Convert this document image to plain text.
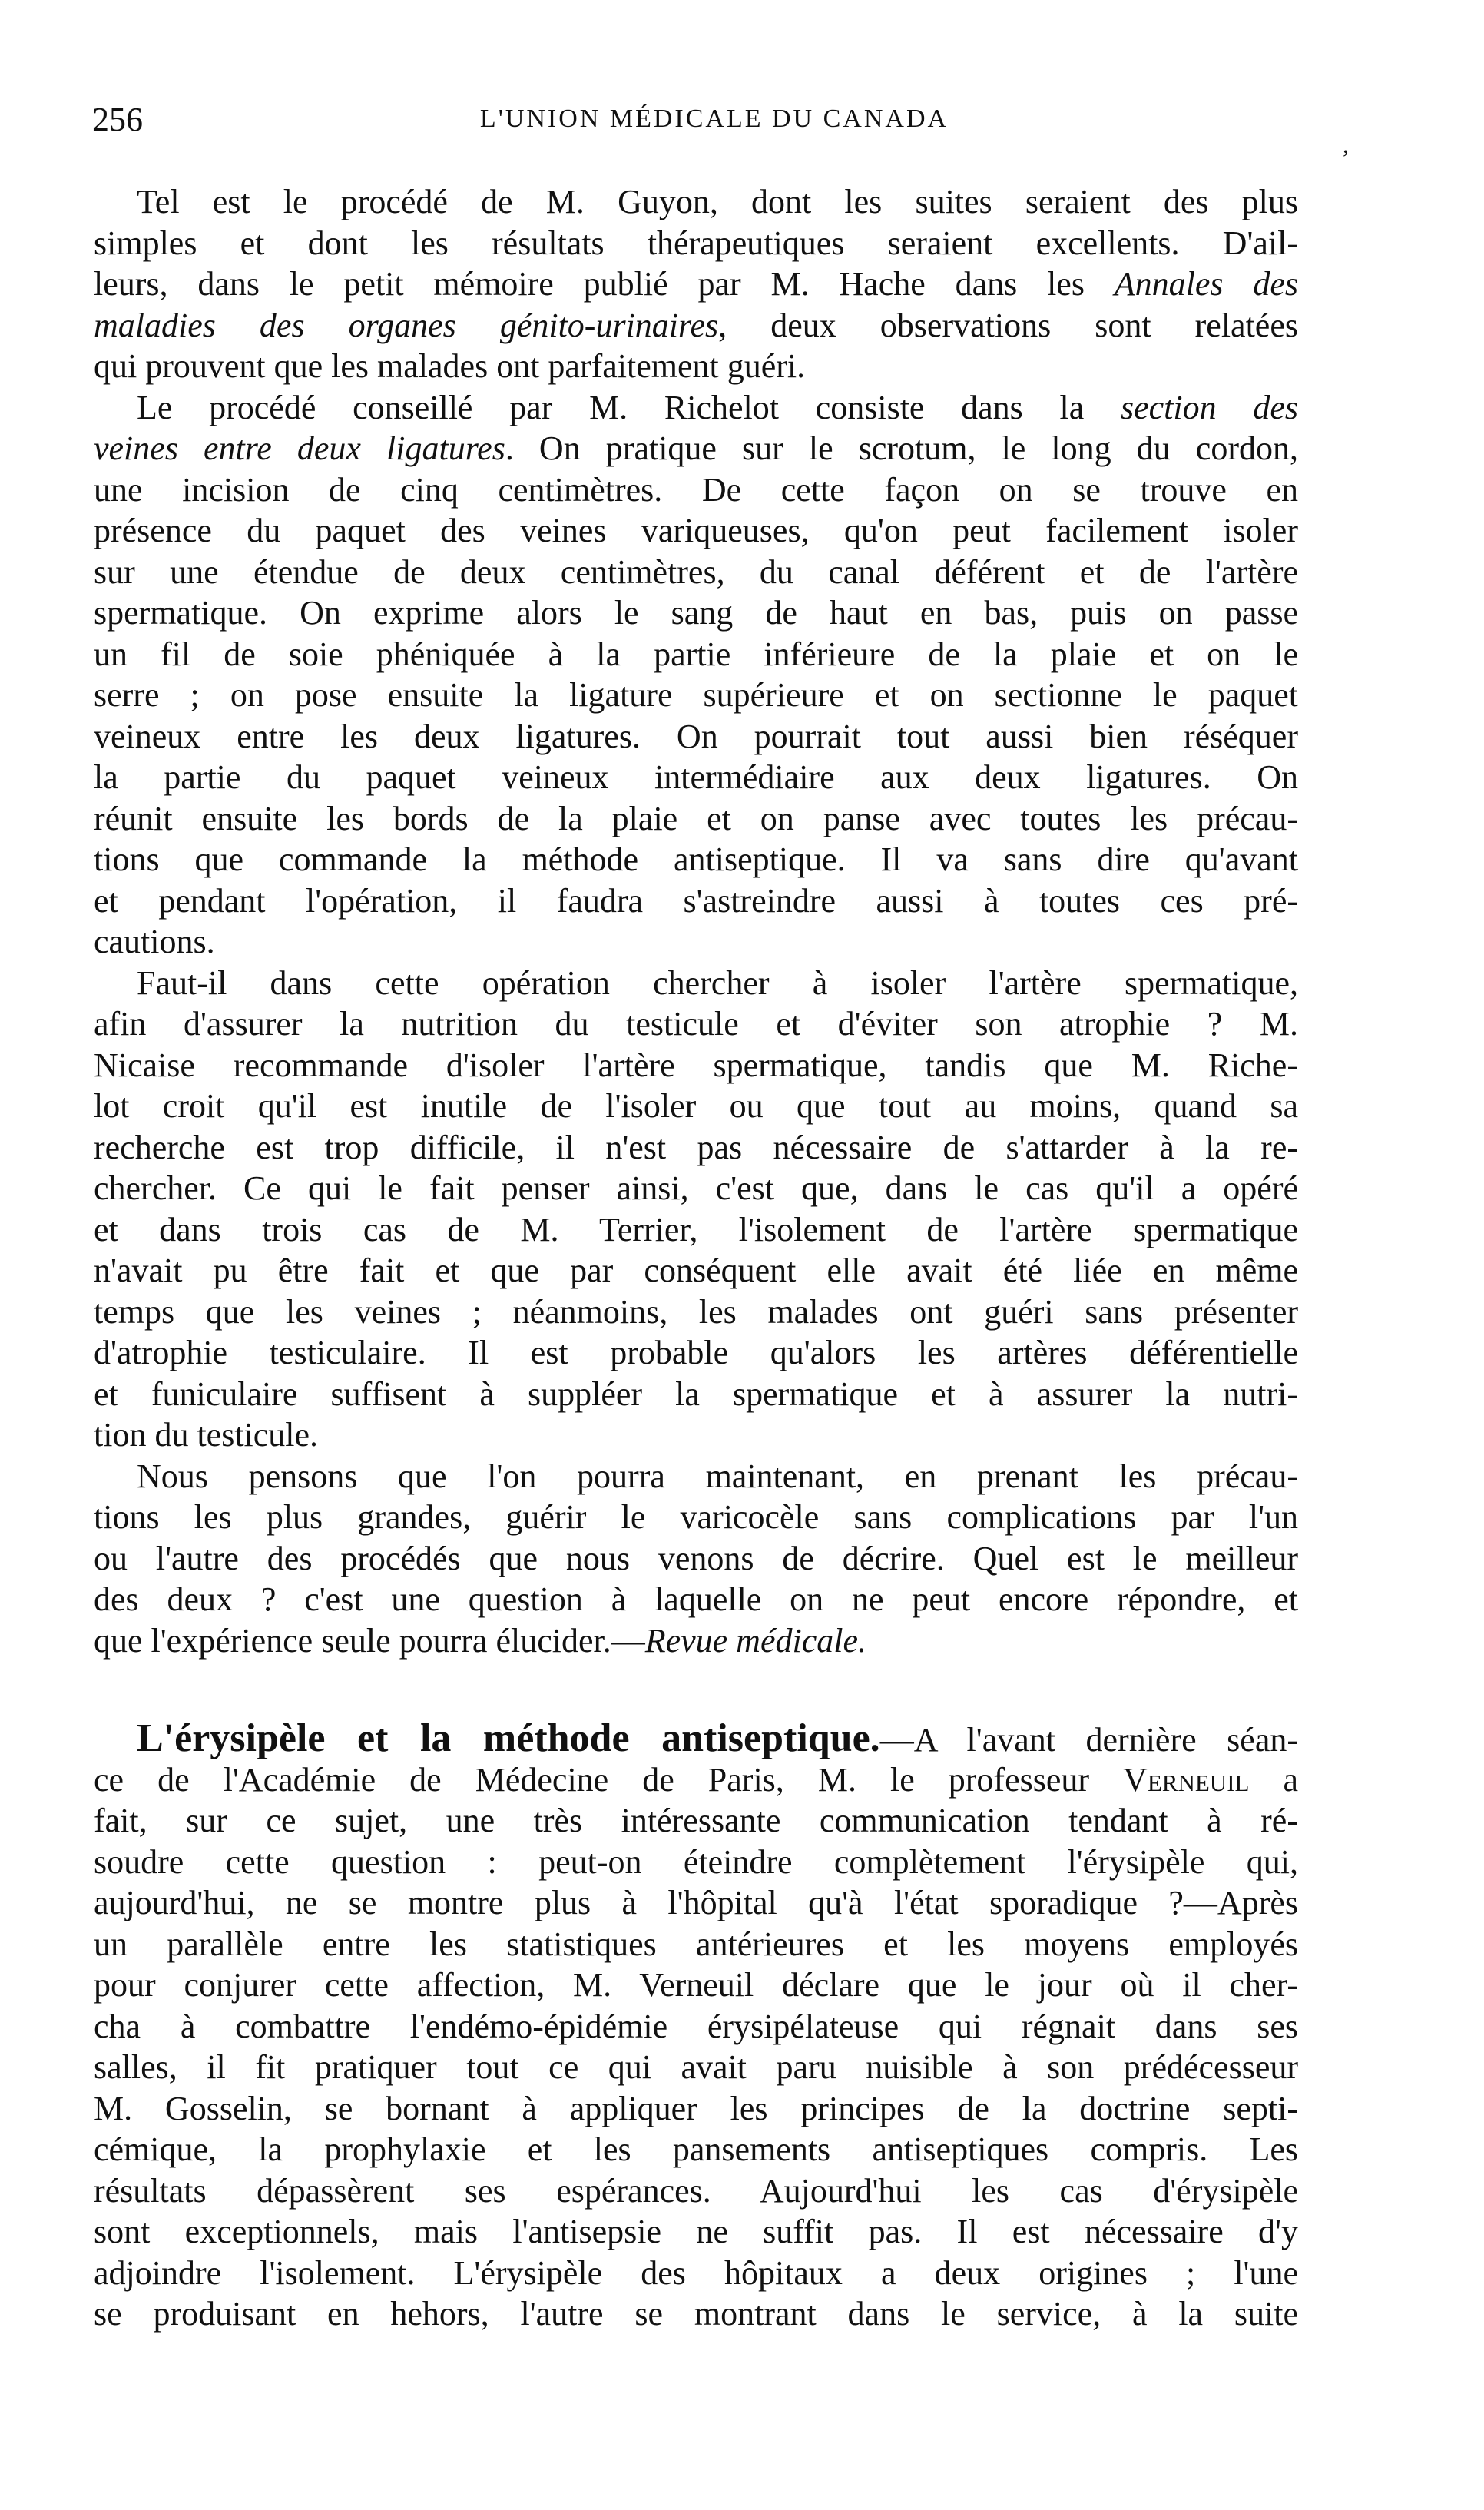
256	L'UNION MÉDICALE DU CANADA
,
Tel est le procédé de M. Guyon, dont les suites seraient des plus
simples et dont les résultats thérapeutiques seraient excellents. D'ail-
leurs, dans le petit mémoire publié par M. Hache dans les Annales des
maladies des organes génito-urinaires, deux observations sont relatées
qui prouvent que les malades ont parfaitement guéri.
Le procédé conseillé par M. Richelot consiste dans la section des
veines entre deux ligatures. On pratique sur le scrotum, le long du cordon,
une incision de cinq centimètres. De cette façon on se trouve en
présence du paquet des veines variqueuses, qu'on peut facilement isoler
sur une étendue de deux centimètres, du canal déférent et de l'artère
spermatique. On exprime alors le sang de haut en bas, puis on passe
un fil de soie phéniquée à la partie inférieure de la plaie et on le
serre ; on pose ensuite la ligature supérieure et on sectionne le paquet
veineux entre les deux ligatures. On pourrait tout aussi bien réséquer
la partie du paquet veineux intermédiaire aux deux ligatures. On
réunit ensuite les bords de la plaie et on panse avec toutes les précau-
tions que commande la méthode antiseptique. Il va sans dire qu'avant
et pendant l'opération, il faudra s'astreindre aussi à toutes ces pré-
cautions.
Faut-il dans cette opération chercher à isoler l'artère spermatique,
afin d'assurer la nutrition du testicule et d'éviter son atrophie ? M.
Nicaise recommande d'isoler l'artère spermatique, tandis que M. Riche-
lot croit qu'il est inutile de l'isoler ou que tout au moins, quand sa
recherche est trop difficile, il n'est pas nécessaire de s'attarder à la re-
chercher. Ce qui le fait penser ainsi, c'est que, dans le cas qu'il a opéré
et dans trois cas de M. Terrier, l'isolement de l'artère spermatique
n'avait pu être fait et que par conséquent elle avait été liée en même
temps que les veines ; néanmoins, les malades ont guéri sans présenter
d'atrophie testiculaire. Il est probable qu'alors les artères déférentielle
et funiculaire suffisent à suppléer la spermatique et à assurer la nutri-
tion du testicule.
Nous pensons que l'on pourra maintenant, en prenant les précau-
tions les plus grandes, guérir le varicocèle sans complications par l'un
ou l'autre des procédés que nous venons de décrire. Quel est le meilleur
des deux ? c'est une question à laquelle on ne peut encore répondre, et
que l'expérience seule pourra élucider.—Revue médicale.
L'érysipèle et la méthode antiseptique.—A l'avant dernière séan-
ce de l'Académie de Médecine de Paris, M. le professeur Verneuil a
fait, sur ce sujet, une très intéressante communication tendant à ré-
soudre cette question : peut-on éteindre complètement l'érysipèle qui,
aujourd'hui, ne se montre plus à l'hôpital qu'à l'état sporadique ?—Après
un parallèle entre les statistiques antérieures et les moyens employés
pour conjurer cette affection, M. Verneuil déclare que le jour où il cher-
cha à combattre l'endémo-épidémie érysipélateuse qui régnait dans ses
salles, il fit pratiquer tout ce qui avait paru nuisible à son prédécesseur
M. Gosselin, se bornant à appliquer les principes de la doctrine septi-
cémique, la prophylaxie et les pansements antiseptiques compris. Les
résultats dépassèrent ses espérances. Aujourd'hui les cas d'érysipèle
sont exceptionnels, mais l'antisepsie ne suffit pas. Il est nécessaire d'y
adjoindre l'isolement. L'érysipèle des hôpitaux a deux origines ; l'une
se produisant en hehors, l'autre se montrant dans le service, à la suite
